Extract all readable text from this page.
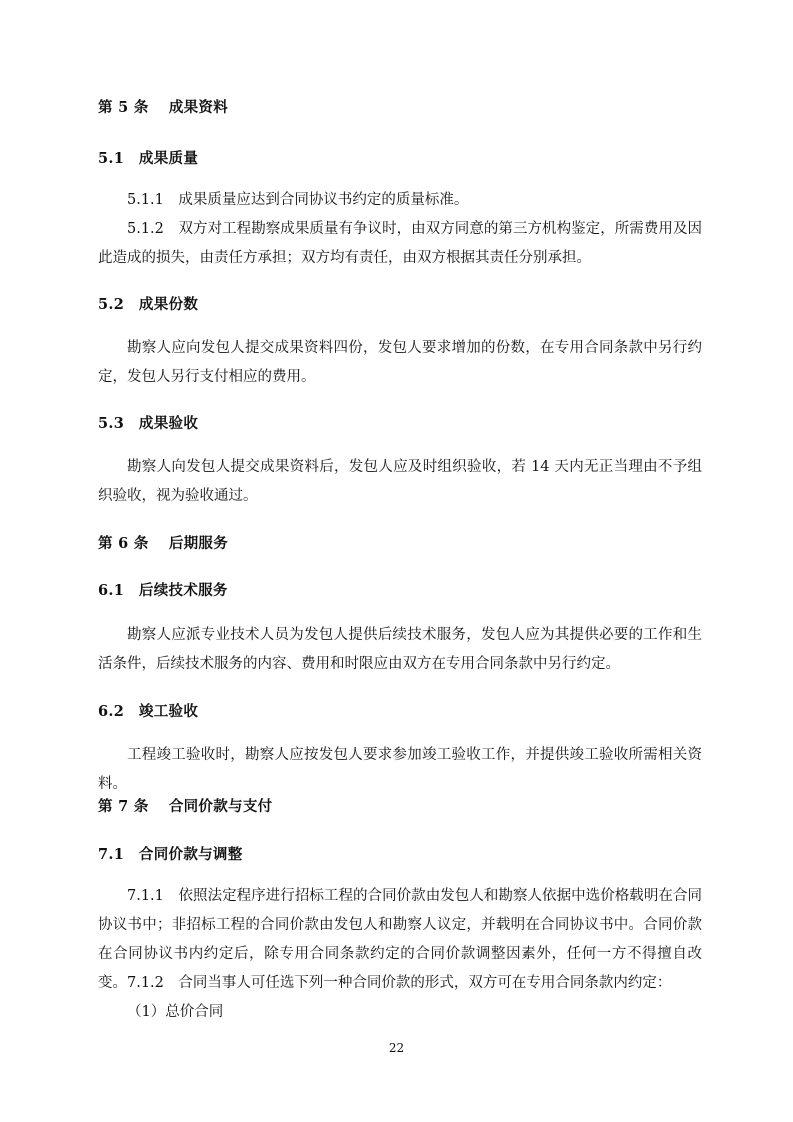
第 5 条　 成果资料
5.1　成果质量

5.1.1　成果质量应达到合同协议书约定的质量标准。

5.1.2　双方对工程勘察成果质量有争议时，由双方同意的第三方机构鉴定，所需费用及因此造成的损失，由责任方承担；双方均有责任，由双方根据其责任分别承担。

5.2　成果份数

勘察人应向发包人提交成果资料四份，发包人要求增加的份数，在专用合同条款中另行约定，发包人另行支付相应的费用。

5.3　成果验收

勘察人向发包人提交成果资料后，发包人应及时组织验收，若 14 天内无正当理由不予组织验收，视为验收通过。

第 6 条　 后期服务
6.1　后续技术服务

勘察人应派专业技术人员为发包人提供后续技术服务，发包人应为其提供必要的工作和生活条件，后续技术服务的内容、费用和时限应由双方在专用合同条款中另行约定。

6.2　竣工验收

工程竣工验收时，勘察人应按发包人要求参加竣工验收工作，并提供竣工验收所需相关资料。

第 7 条　 合同价款与支付
7.1　合同价款与调整

7.1.1　依照法定程序进行招标工程的合同价款由发包人和勘察人依据中选价格载明在合同协议书中；非招标工程的合同价款由发包人和勘察人议定，并载明在合同协议书中。合同价款在合同协议书内约定后，除专用合同条款约定的合同价款调整因素外，任何一方不得擅自改变。 7.1.2　合同当事人可任选下列一种合同价款的形式，双方可在专用合同条款内约定：

（1）总价合同

22
